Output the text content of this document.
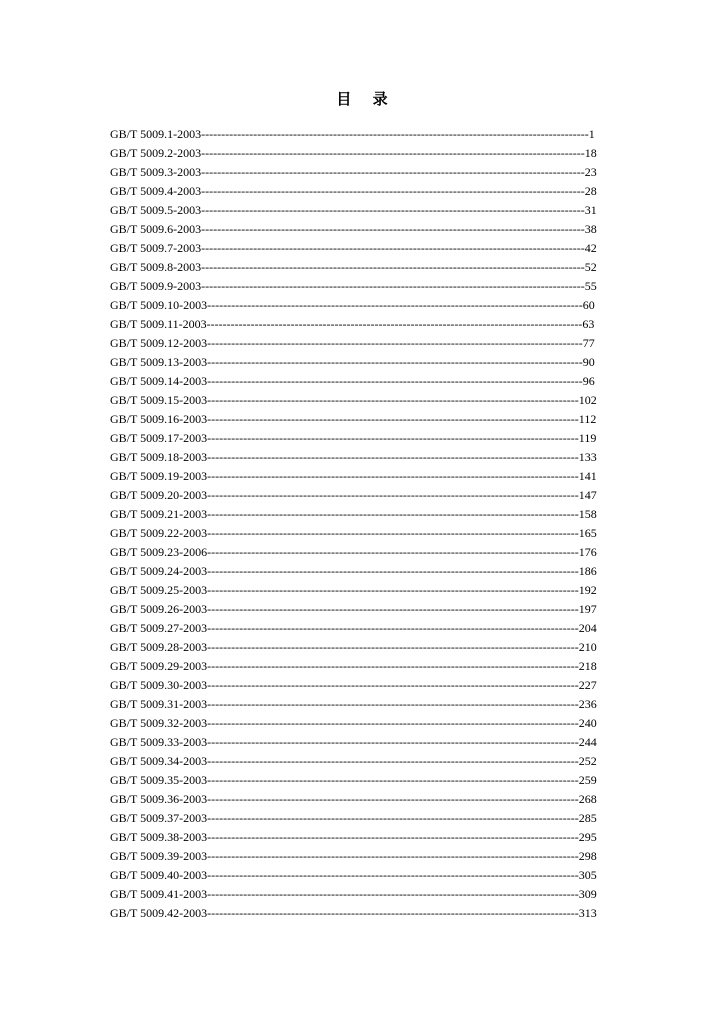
目 录
GB/T 5009.1-2003-------------------------------------------------------------------------------------------------1
GB/T 5009.2-2003------------------------------------------------------------------------------------------------18
GB/T 5009.3-2003------------------------------------------------------------------------------------------------23
GB/T 5009.4-2003------------------------------------------------------------------------------------------------28
GB/T 5009.5-2003------------------------------------------------------------------------------------------------31
GB/T 5009.6-2003------------------------------------------------------------------------------------------------38
GB/T 5009.7-2003------------------------------------------------------------------------------------------------42
GB/T 5009.8-2003------------------------------------------------------------------------------------------------52
GB/T 5009.9-2003------------------------------------------------------------------------------------------------55
GB/T 5009.10-2003----------------------------------------------------------------------------------------------60
GB/T 5009.11-2003----------------------------------------------------------------------------------------------63
GB/T 5009.12-2003----------------------------------------------------------------------------------------------77
GB/T 5009.13-2003----------------------------------------------------------------------------------------------90
GB/T 5009.14-2003----------------------------------------------------------------------------------------------96
GB/T 5009.15-2003---------------------------------------------------------------------------------------------102
GB/T 5009.16-2003---------------------------------------------------------------------------------------------112
GB/T 5009.17-2003---------------------------------------------------------------------------------------------119
GB/T 5009.18-2003---------------------------------------------------------------------------------------------133
GB/T 5009.19-2003---------------------------------------------------------------------------------------------141
GB/T 5009.20-2003---------------------------------------------------------------------------------------------147
GB/T 5009.21-2003---------------------------------------------------------------------------------------------158
GB/T 5009.22-2003---------------------------------------------------------------------------------------------165
GB/T 5009.23-2006---------------------------------------------------------------------------------------------176
GB/T 5009.24-2003---------------------------------------------------------------------------------------------186
GB/T 5009.25-2003---------------------------------------------------------------------------------------------192
GB/T 5009.26-2003---------------------------------------------------------------------------------------------197
GB/T 5009.27-2003---------------------------------------------------------------------------------------------204
GB/T 5009.28-2003---------------------------------------------------------------------------------------------210
GB/T 5009.29-2003---------------------------------------------------------------------------------------------218
GB/T 5009.30-2003---------------------------------------------------------------------------------------------227
GB/T 5009.31-2003---------------------------------------------------------------------------------------------236
GB/T 5009.32-2003---------------------------------------------------------------------------------------------240
GB/T 5009.33-2003---------------------------------------------------------------------------------------------244
GB/T 5009.34-2003---------------------------------------------------------------------------------------------252
GB/T 5009.35-2003---------------------------------------------------------------------------------------------259
GB/T 5009.36-2003---------------------------------------------------------------------------------------------268
GB/T 5009.37-2003---------------------------------------------------------------------------------------------285
GB/T 5009.38-2003---------------------------------------------------------------------------------------------295
GB/T 5009.39-2003---------------------------------------------------------------------------------------------298
GB/T 5009.40-2003---------------------------------------------------------------------------------------------305
GB/T 5009.41-2003---------------------------------------------------------------------------------------------309
GB/T 5009.42-2003---------------------------------------------------------------------------------------------313
